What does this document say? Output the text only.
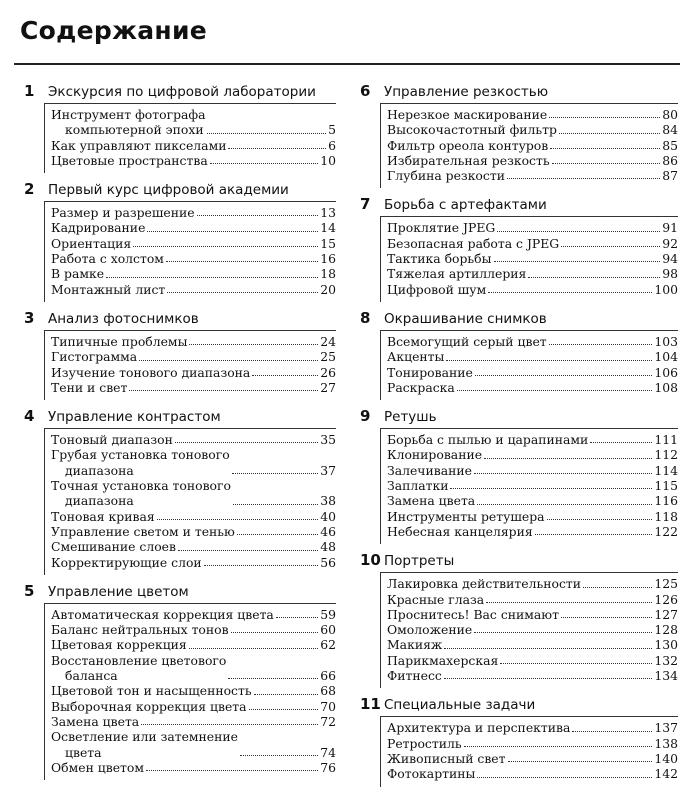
Содержание
1	Экскурсия по цифровой лаборатории
Инструмент фотографа
компьютерной эпохи	5
Как управляют пикселами	6
Цветовые пространства	10
2	Первый курс цифровой академии
Размер и разрешение	13
Кадрирование	14
Ориентация	15
Работа с холстом	16
В рамке	18
Монтажный лист	20
3	Анализ фотоснимков
Типичные проблемы	24
Гистограмма	25
Изучение тонового диапазона	26
Тени и свет	27
4	Управление контрастом
Тоновый диапазон	35
Грубая установка тонового
диапазона	37
Точная установка тонового
диапазона	38
Тоновая кривая	40
Управление светом и тенью	46
Смешивание слоев	48
Корректирующие слои	56
5	Управление цветом
Автоматическая коррекция цвета	59
Баланс нейтральных тонов	60
Цветовая коррекция	62
Восстановление цветового
баланса	66
Цветовой тон и насыщенность	68
Выборочная коррекция цвета	70
Замена цвета	72
Осветление или затемнение
цвета	74
Обмен цветом	76
6	Управление резкостью
Нерезкое маскирование	80
Высокочастотный фильтр	84
Фильтр ореола контуров	85
Избирательная резкость	86
Глубина резкости	87
7	Борьба с артефактами
Проклятие JPEG	91
Безопасная работа с JPEG	92
Тактика борьбы	94
Тяжелая артиллерия	98
Цифровой шум	100
8	Окрашивание снимков
Всемогущий серый цвет	103
Акценты	104
Тонирование	106
Раскраска	108
9	Ретушь
Борьба с пылью и царапинами	111
Клонирование	112
Залечивание	114
Заплатки	115
Замена цвета	116
Инструменты ретушера	118
Небесная канцелярия	122
10 Портреты
Лакировка действительности	125
Красные глаза	126
Проснитесь! Вас снимают	127
Омоложение	128
Макияж	130
Парикмахерская	132
Фитнесс	134
11 Специальные задачи
Архитектура и перспектива	137
Ретростиль	138
Живописный свет	140
Фотокартины	142
